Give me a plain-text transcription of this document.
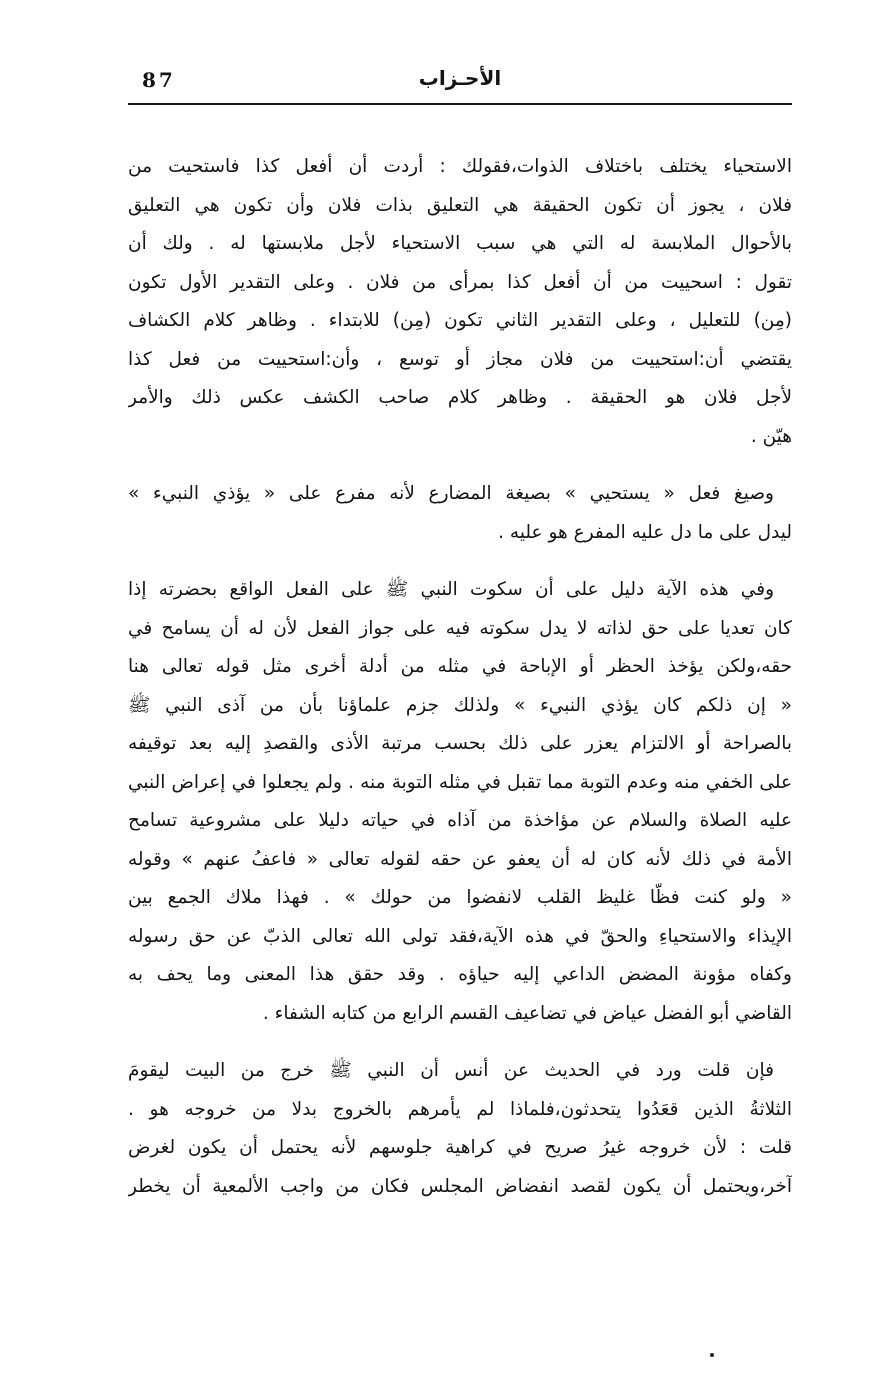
87	الأحـزاب
الاستحياء يختلف باختلاف الذوات،فقولك : أردت أن أفعل كذا فاستحيت من
فلان ، يجوز أن تكون الحقيقة هي التعليق بذات فلان وأن تكون هي التعليق
بالأحوال الملابسة له التي هي سبب الاستحياء لأجل ملابستها له . ولك أن
تقول : اسحييت من أن أفعل كذا بمرأى من فلان . وعلى التقدير الأول تكون
(مِن) للتعليل ، وعلى التقدير الثاني تكون (مِن) للابتداء . وظاهر كلام الكشاف
يقتضي أن:استحييت من فلان مجاز أو توسع ، وأن:استحييت من فعل كذا
لأجل فلان هو الحقيقة . وظاهر كلام صاحب الكشف عكس ذلك والأمر
هيّن .
وصيغ فعل « يستحيي » بصيغة المضارع لأنه مفرع على « يؤذي النبيء »
ليدل على ما دل عليه المفرع هو عليه .
وفي هذه الآية دليل على أن سكوت النبي ﷺ على الفعل الواقع بحضرته إذا
كان تعديا على حق لذاته لا يدل سكوته فيه على جواز الفعل لأن له أن يسامح في
حقه،ولكن يؤخذ الحظر أو الإباحة في مثله من أدلة أخرى مثل قوله تعالى هنا
« إن ذلكم كان يؤذي النبيء » ولذلك جزم علماؤنا بأن من آذى النبي ﷺ
بالصراحة أو الالتزام يعزر على ذلك بحسب مرتبة الأذى والقصدِ إليه بعد توقيفه
على الخفي منه وعدم التوبة مما تقبل في مثله التوبة منه . ولم يجعلوا في إعراض النبي
عليه الصلاة والسلام عن مؤاخذة من آذاه في حياته دليلا على مشروعية تسامح
الأمة في ذلك لأنه كان له أن يعفو عن حقه لقوله تعالى « فاعفُ عنهم » وقوله
« ولو كنت فظّا غليظ القلب لانفضوا من حولك » . فهذا ملاك الجمع بين
الإيذاء والاستحياءِ والحقّ في هذه الآية،فقد تولى الله تعالى الذبّ عن حق رسوله
وكفاه مؤونة المضض الداعي إليه حياؤه . وقد حقق هذا المعنى وما يحف به
القاضي أبو الفضل عياض في تضاعيف القسم الرابع من كتابه الشفاء .
فإن قلت ورد في الحديث عن أنس أن النبي ﷺ خرج من البيت ليقومَ
الثلاثةُ الذين قعَدُوا يتحدثون،فلماذا لم يأمرهم بالخروج بدلا من خروجه هو .
قلت : لأن خروجه غيرُ صريح في كراهية جلوسهم لأنه يحتمل أن يكون لغرض
آخر،ويحتمل أن يكون لقصد انفضاض المجلس فكان من واجب الألمعية أن يخطر
